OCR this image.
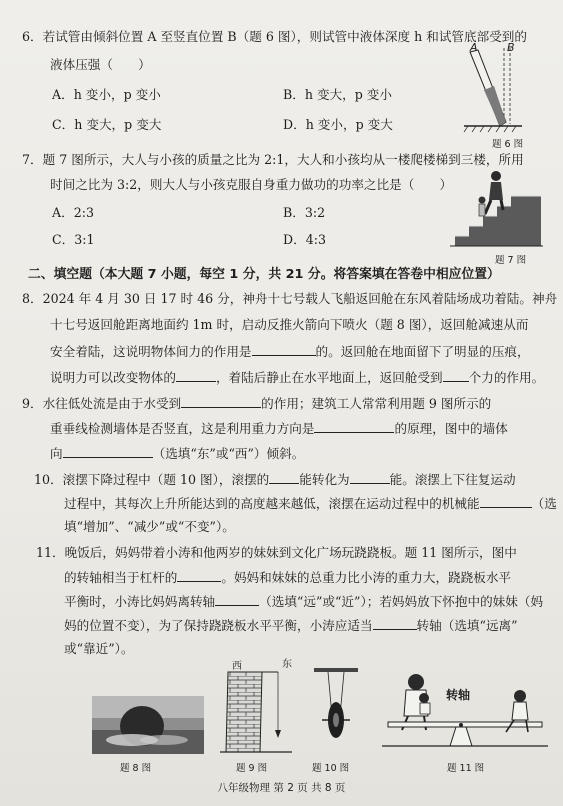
6．若试管由倾斜位置 A 至竖直位置 B（题 6 图），则试管中液体深度 h 和试管底部受到的
液体压强（　　）
A．h 变小，p 变小	B．h 变大，p 变小
C．h 变大，p 变大	D．h 变小，p 变大
A	B
题 6 图
7．题 7 图所示，大人与小孩的质量之比为 2:1，大人和小孩均从一楼爬楼梯到三楼，所用
时间之比为 3:2，则大人与小孩克服自身重力做功的功率之比是（　　）
A．2:3	B．3:2
C．3:1	D．4:3
题 7 图
二、填空题（本大题 7 小题，每空 1 分，共 21 分。将答案填在答卷中相应位置）
8．2024 年 4 月 30 日 17 时 46 分，神舟十七号载人飞船返回舱在东风着陆场成功着陆。神舟
十七号返回舱距离地面约 1m 时，启动反推火箭向下喷火（题 8 图），返回舱减速从而
安全着陆，这说明物体间力的作用是	的。返回舱在地面留下了明显的压痕，
说明力可以改变物体的	，着陆后静止在水平地面上，返回舱受到 个力的作用。
9．水往低处流是由于水受到	的作用；建筑工人常常利用题 9 图所示的
重垂线检测墙体是否竖直，这是利用重力方向是	的原理，图中的墙体
向	（选填“东”或“西”）倾斜。
10．滚摆下降过程中（题 10 图），滚摆的 能转化为	能。滚摆上下往复运动
过程中，其每次上升所能达到的高度越来越低，滚摆在运动过程中的机械能	（选
填“增加”、“减少”或“不变”）。
11．晚饭后，妈妈带着小涛和他两岁的妹妹到文化广场玩跷跷板。题 11 图所示，图中
的转轴相当于杠杆的	。妈妈和妹妹的总重力比小涛的重力大，跷跷板水平
平衡时，小涛比妈妈离转轴	（选填“远”或“近”）；若妈妈放下怀抱中的妹妹（妈
妈的位置不变），为了保持跷跷板水平平衡，小涛应适当	转轴（选填“远离”
或“靠近”）。
题 8 图
西	东
题 9 图	题 10 图
转轴
题 11 图
八年级物理 第 2 页 共 8 页
